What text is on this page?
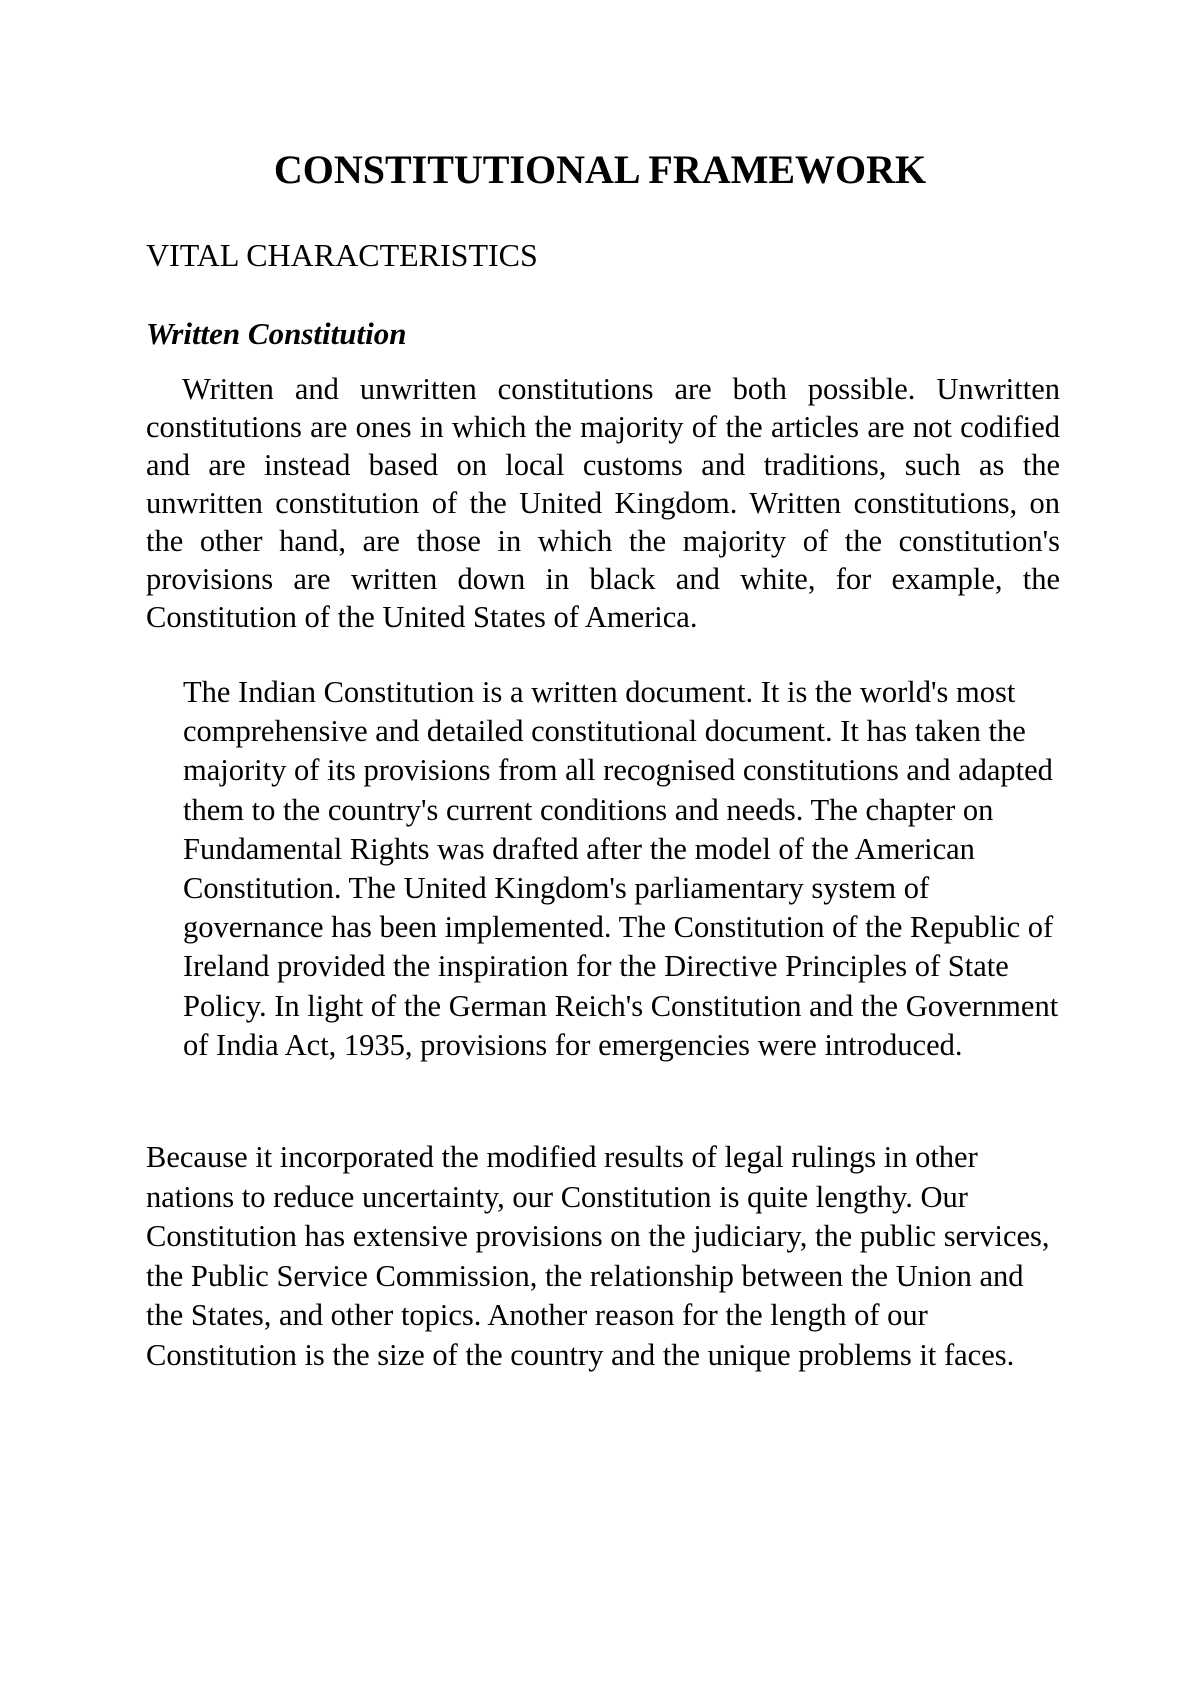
CONSTITUTIONAL FRAMEWORK
VITAL CHARACTERISTICS
Written Constitution

Written and unwritten constitutions are both possible. Unwritten constitutions are ones in which the majority of the articles are not codified and are instead based on local customs and traditions, such as the unwritten constitution of the United Kingdom. Written constitutions, on the other hand, are those in which the majority of the constitution's provisions are written down in black and white, for example, the Constitution of the United States of America.

The Indian Constitution is a written document. It is the world's most comprehensive and detailed constitutional document. It has taken the majority of its provisions from all recognised constitutions and adapted them to the country's current conditions and needs. The chapter on Fundamental Rights was drafted after the model of the American Constitution. The United Kingdom's parliamentary system of governance has been implemented. The Constitution of the Republic of Ireland provided the inspiration for the Directive Principles of State Policy. In light of the German Reich's Constitution and the Government of India Act, 1935, provisions for emergencies were introduced.

Because it incorporated the modified results of legal rulings in other nations to reduce uncertainty, our Constitution is quite lengthy. Our Constitution has extensive provisions on the judiciary, the public services, the Public Service Commission, the relationship between the Union and the States, and other topics. Another reason for the length of our Constitution is the size of the country and the unique problems it faces.
